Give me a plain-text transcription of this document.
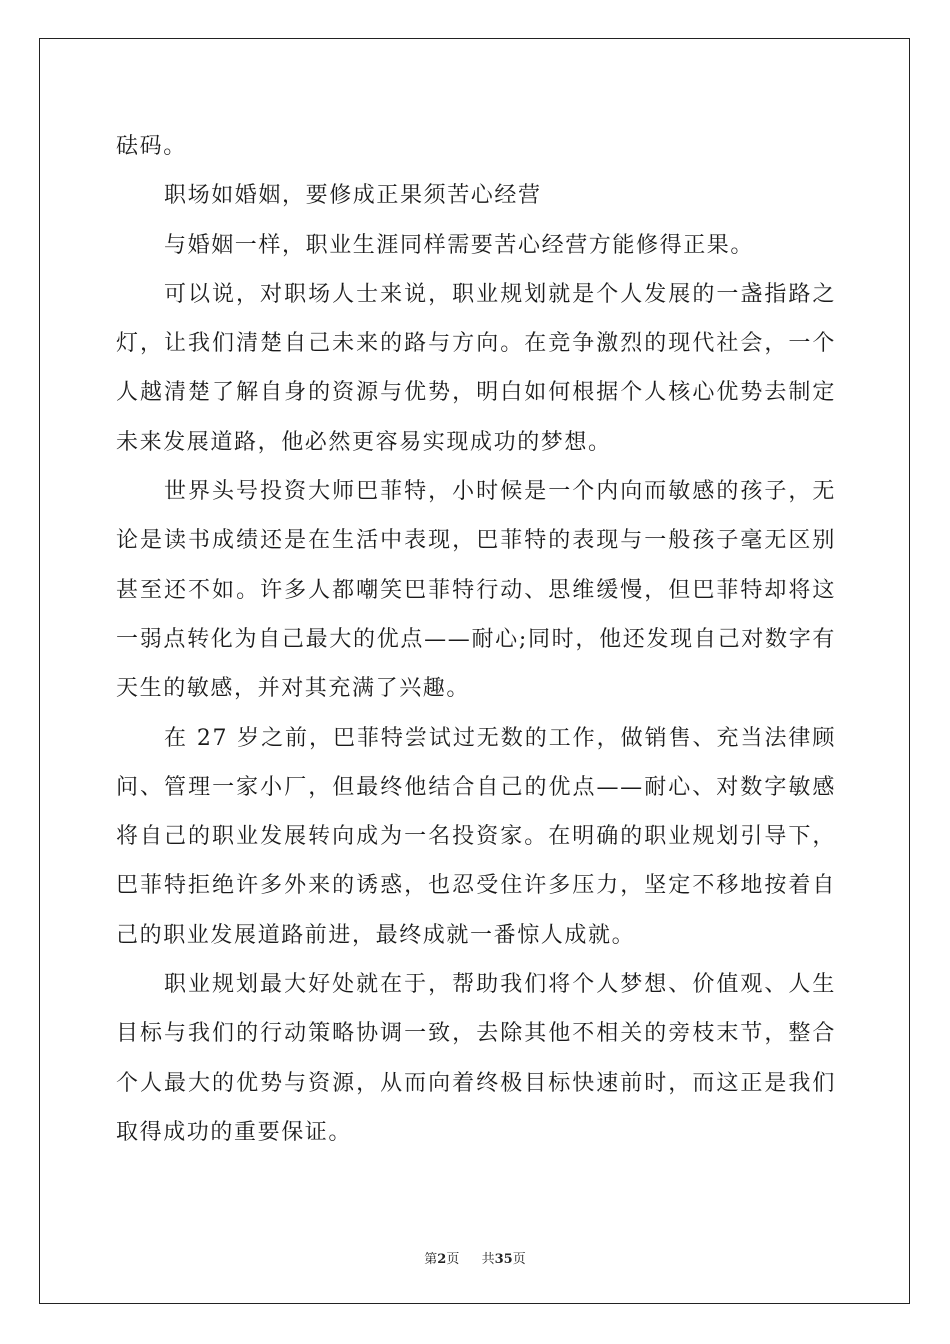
砝码。

职场如婚姻，要修成正果须苦心经营

与婚姻一样，职业生涯同样需要苦心经营方能修得正果。

可以说，对职场人士来说，职业规划就是个人发展的一盏指路之灯，让我们清楚自己未来的路与方向。在竞争激烈的现代社会，一个人越清楚了解自身的资源与优势，明白如何根据个人核心优势去制定未来发展道路，他必然更容易实现成功的梦想。

世界头号投资大师巴菲特，小时候是一个内向而敏感的孩子，无论是读书成绩还是在生活中表现，巴菲特的表现与一般孩子毫无区别甚至还不如。许多人都嘲笑巴菲特行动、思维缓慢，但巴菲特却将这一弱点转化为自己最大的优点——耐心;同时，他还发现自己对数字有天生的敏感，并对其充满了兴趣。

在 27 岁之前，巴菲特尝试过无数的工作，做销售、充当法律顾问、管理一家小厂，但最终他结合自己的优点——耐心、对数字敏感将自己的职业发展转向成为一名投资家。在明确的职业规划引导下，巴菲特拒绝许多外来的诱惑，也忍受住许多压力，坚定不移地按着自己的职业发展道路前进，最终成就一番惊人成就。

职业规划最大好处就在于，帮助我们将个人梦想、价值观、人生目标与我们的行动策略协调一致，去除其他不相关的旁枝末节，整合个人最大的优势与资源，从而向着终极目标快速前时，而这正是我们取得成功的重要保证。

第2页 共35页
